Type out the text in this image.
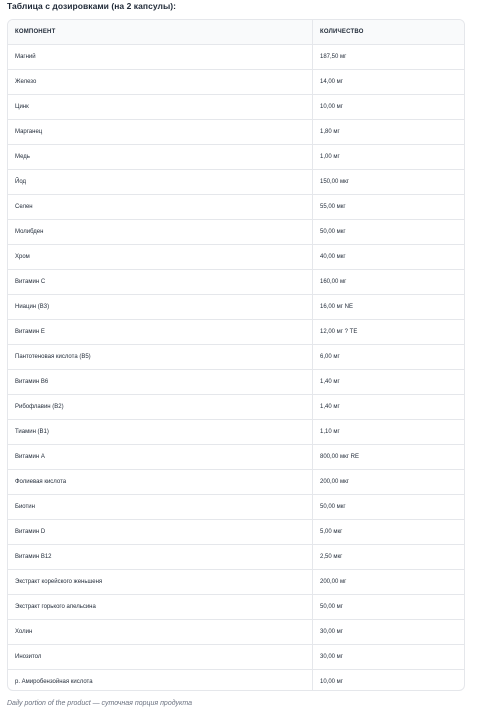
Таблица с дозировками (на 2 капсулы):
КОМПОНЕНТ	КОЛИЧЕСТВО
Магний	187,50 мг
Железо	14,00 мг
Цинк	10,00 мг
Марганец	1,80 мг
Медь	1,00 мг
Йод	150,00 мкг
Селен	55,00 мкг
Молибден	50,00 мкг
Хром	40,00 мкг
Витамин C	160,00 мг
Ниацин (B3)	16,00 мг NE
Витамин E	12,00 мг ? TE
Пантотеновая кислота (B5)	6,00 мг
Витамин B6	1,40 мг
Рибофлавин (B2)	1,40 мг
Тиамин (B1)	1,10 мг
Витамин A	800,00 мкг RE
Фолиевая кислота	200,00 мкг
Биотин	50,00 мкг
Витамин D	5,00 мкг
Витамин B12	2,50 мкг
Экстракт корейского женьшеня	200,00 мг
Экстракт горького апельсина	50,00 мг
Холин	30,00 мг
Инозитол	30,00 мг
p. Амиробензойная кислота	10,00 мг
Daily portion of the product — суточная порция продукта
